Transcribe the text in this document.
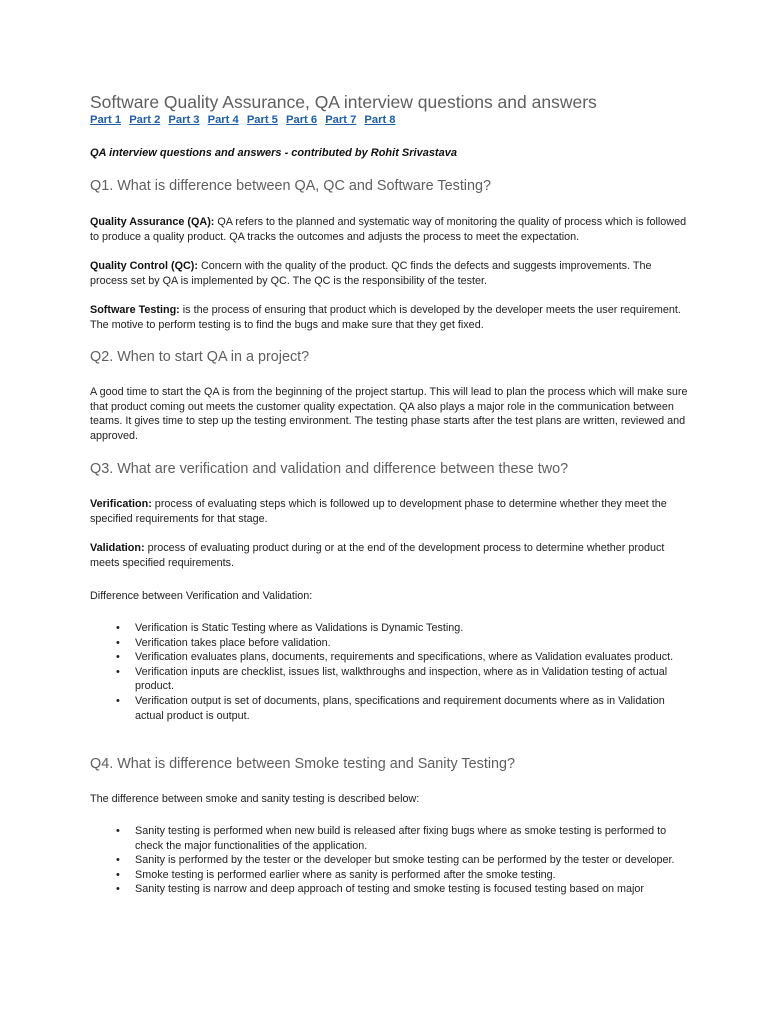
Software Quality Assurance, QA interview questions and answers
Part 1 Part 2 Part 3 Part 4 Part 5 Part 6 Part 7 Part 8
QA interview questions and answers - contributed by Rohit Srivastava
Q1. What is difference between QA, QC and Software Testing?
Quality Assurance (QA): QA refers to the planned and systematic way of monitoring the quality of process which is followed to produce a quality product. QA tracks the outcomes and adjusts the process to meet the expectation.
Quality Control (QC): Concern with the quality of the product. QC finds the defects and suggests improvements. The process set by QA is implemented by QC. The QC is the responsibility of the tester.
Software Testing: is the process of ensuring that product which is developed by the developer meets the user requirement. The motive to perform testing is to find the bugs and make sure that they get fixed.
Q2. When to start QA in a project?
A good time to start the QA is from the beginning of the project startup. This will lead to plan the process which will make sure that product coming out meets the customer quality expectation. QA also plays a major role in the communication between teams. It gives time to step up the testing environment. The testing phase starts after the test plans are written, reviewed and approved.
Q3. What are verification and validation and difference between these two?
Verification: process of evaluating steps which is followed up to development phase to determine whether they meet the specified requirements for that stage.
Validation: process of evaluating product during or at the end of the development process to determine whether product meets specified requirements.
Difference between Verification and Validation:
• Verification is Static Testing where as Validations is Dynamic Testing.
• Verification takes place before validation.
• Verification evaluates plans, documents, requirements and specifications, where as Validation evaluates product.
• Verification inputs are checklist, issues list, walkthroughs and inspection, where as in Validation testing of actual product.
• Verification output is set of documents, plans, specifications and requirement documents where as in Validation actual product is output.
Q4. What is difference between Smoke testing and Sanity Testing?
The difference between smoke and sanity testing is described below:
• Sanity testing is performed when new build is released after fixing bugs where as smoke testing is performed to check the major functionalities of the application.
• Sanity is performed by the tester or the developer but smoke testing can be performed by the tester or developer.
• Smoke testing is performed earlier where as sanity is performed after the smoke testing.
• Sanity testing is narrow and deep approach of testing and smoke testing is focused testing based on major
